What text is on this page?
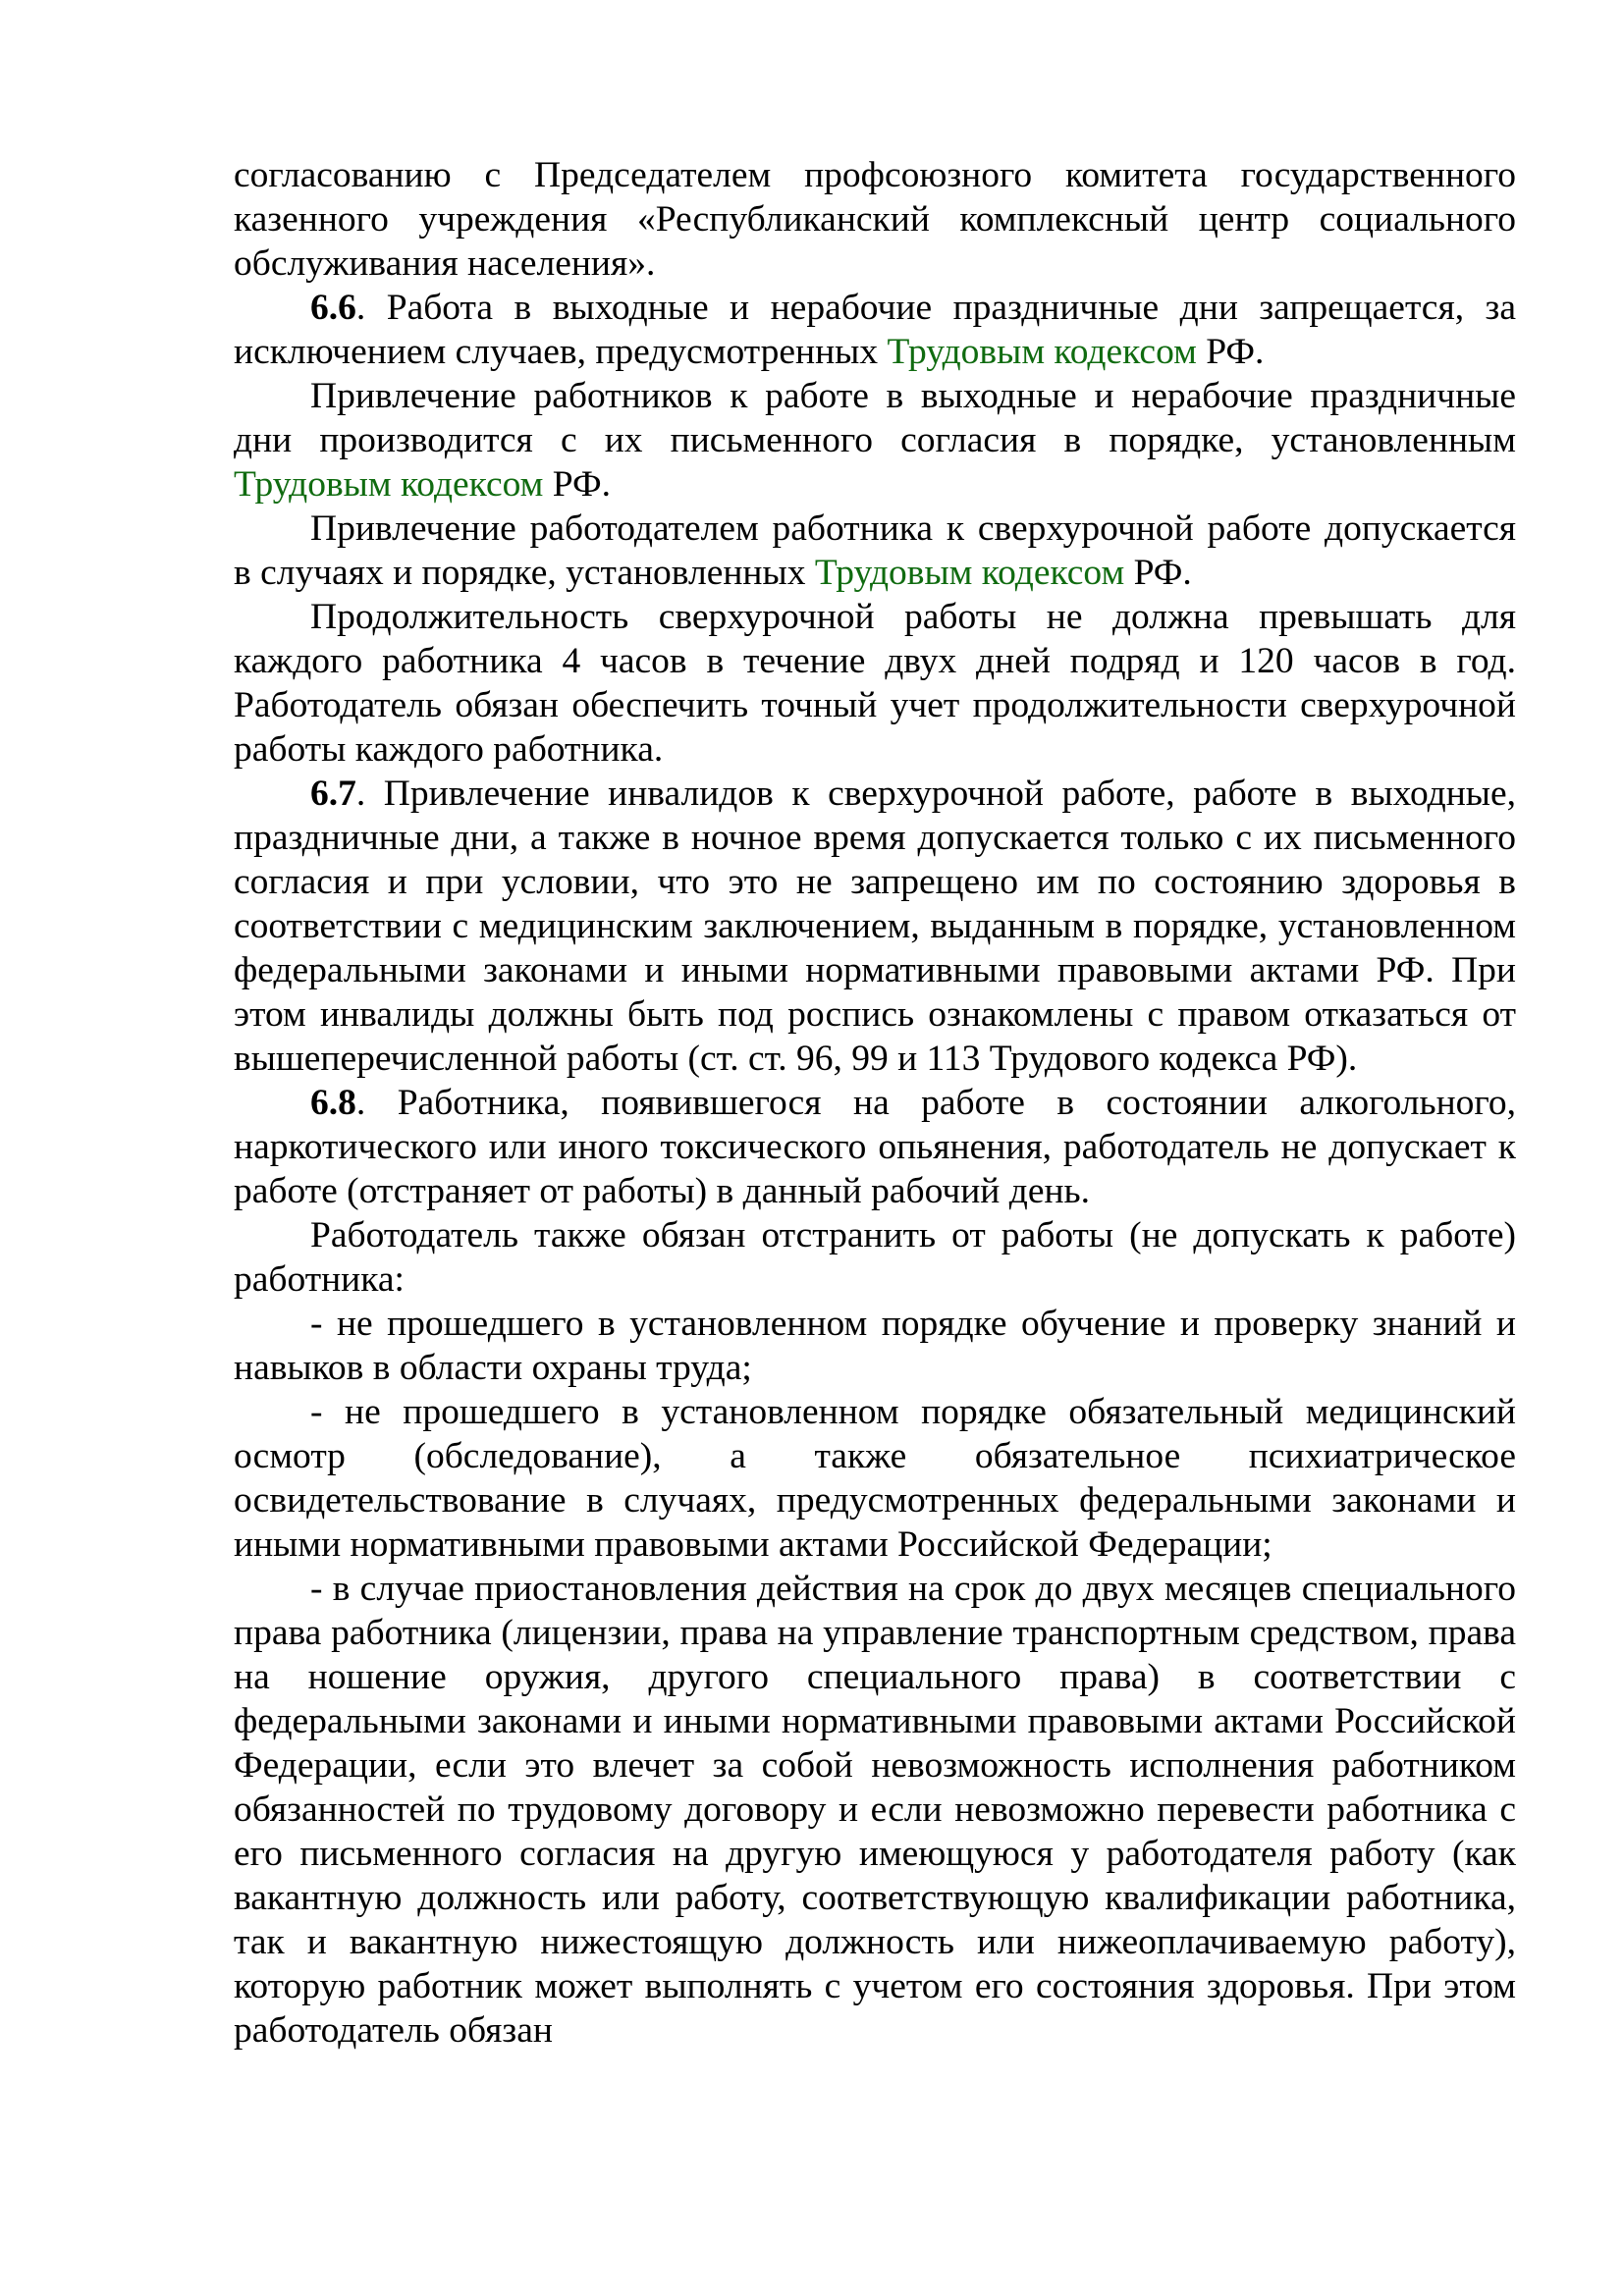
согласованию с Председателем профсоюзного комитета государственного казенного учреждения «Республиканский комплексный центр социального обслуживания населения».

6.6. Работа в выходные и нерабочие праздничные дни запрещается, за исключением случаев, предусмотренных Трудовым кодексом РФ.

Привлечение работников к работе в выходные и нерабочие праздничные дни производится с их письменного согласия в порядке, установленным Трудовым кодексом РФ.

Привлечение работодателем работника к сверхурочной работе допускается в случаях и порядке, установленных Трудовым кодексом РФ.

Продолжительность сверхурочной работы не должна превышать для каждого работника 4 часов в течение двух дней подряд и 120 часов в год. Работодатель обязан обеспечить точный учет продолжительности сверхурочной работы каждого работника.

6.7. Привлечение инвалидов к сверхурочной работе, работе в выходные, праздничные дни, а также в ночное время допускается только с их письменного согласия и при условии, что это не запрещено им по состоянию здоровья в соответствии с медицинским заключением, выданным в порядке, установленном федеральными законами и иными нормативными правовыми актами РФ. При этом инвалиды должны быть под роспись ознакомлены с правом отказаться от вышеперечисленной работы (ст. ст. 96, 99 и 113 Трудового кодекса РФ).

6.8. Работника, появившегося на работе в состоянии алкогольного, наркотического или иного токсического опьянения, работодатель не допускает к работе (отстраняет от работы) в данный рабочий день.

Работодатель также обязан отстранить от работы (не допускать к работе) работника:

- не прошедшего в установленном порядке обучение и проверку знаний и навыков в области охраны труда;

- не прошедшего в установленном порядке обязательный медицинский осмотр (обследование), а также обязательное психиатрическое освидетельствование в случаях, предусмотренных федеральными законами и иными нормативными правовыми актами Российской Федерации;

- в случае приостановления действия на срок до двух месяцев специального права работника (лицензии, права на управление транспортным средством, права на ношение оружия, другого специального права) в соответствии с федеральными законами и иными нормативными правовыми актами Российской Федерации, если это влечет за собой невозможность исполнения работником обязанностей по трудовому договору и если невозможно перевести работника с его письменного согласия на другую имеющуюся у работодателя работу (как вакантную должность или работу, соответствующую квалификации работника, так и вакантную нижестоящую должность или нижеоплачиваемую работу), которую работник может выполнять с учетом его состояния здоровья. При этом работодатель обязан
